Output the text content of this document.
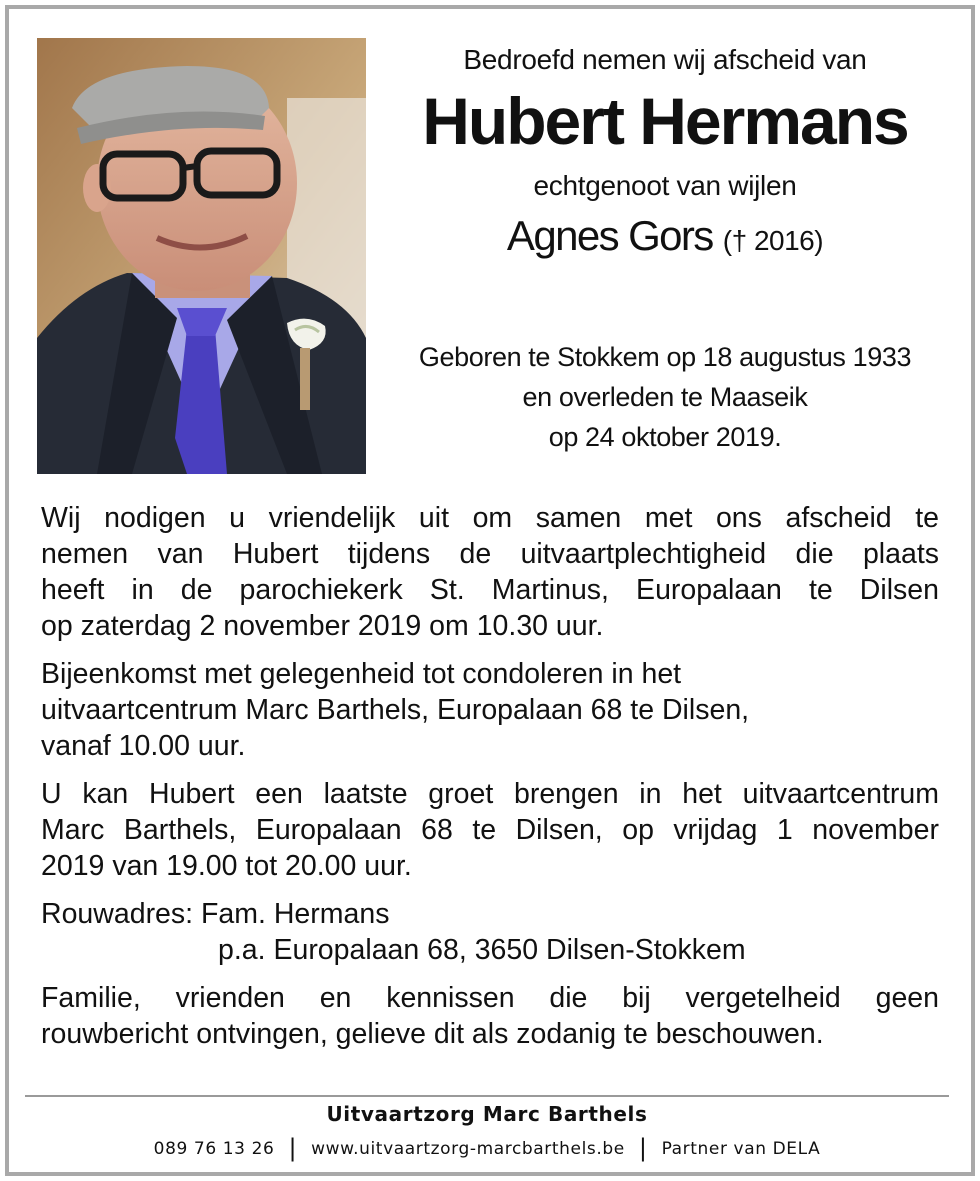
Bedroefd nemen wij afscheid van
Hubert Hermans
echtgenoot van wijlen
Agnes Gors († 2016)
Geboren te Stokkem op 18 augustus 1933
en overleden te Maaseik
op 24 oktober 2019.
Wij nodigen u vriendelijk uit om samen met ons afscheid te
nemen van Hubert tijdens de uitvaartplechtigheid die plaats
heeft in de parochiekerk St. Martinus, Europalaan te Dilsen
op zaterdag 2 november 2019 om 10.30 uur.
Bijeenkomst met gelegenheid tot condoleren in het
uitvaartcentrum Marc Barthels, Europalaan 68 te Dilsen,
vanaf 10.00 uur.
U kan Hubert een laatste groet brengen in het uitvaartcentrum
Marc Barthels, Europalaan 68 te Dilsen, op vrijdag 1 november
2019 van 19.00 tot 20.00 uur.
Rouwadres: Fam. Hermans
p.a. Europalaan 68, 3650 Dilsen-Stokkem
Familie, vrienden en kennissen die bij vergetelheid geen
rouwbericht ontvingen, gelieve dit als zodanig te beschouwen.
Uitvaartzorg Marc Barthels
089 76 13 26 | www.uitvaartzorg-marcbarthels.be | Partner van DELA
